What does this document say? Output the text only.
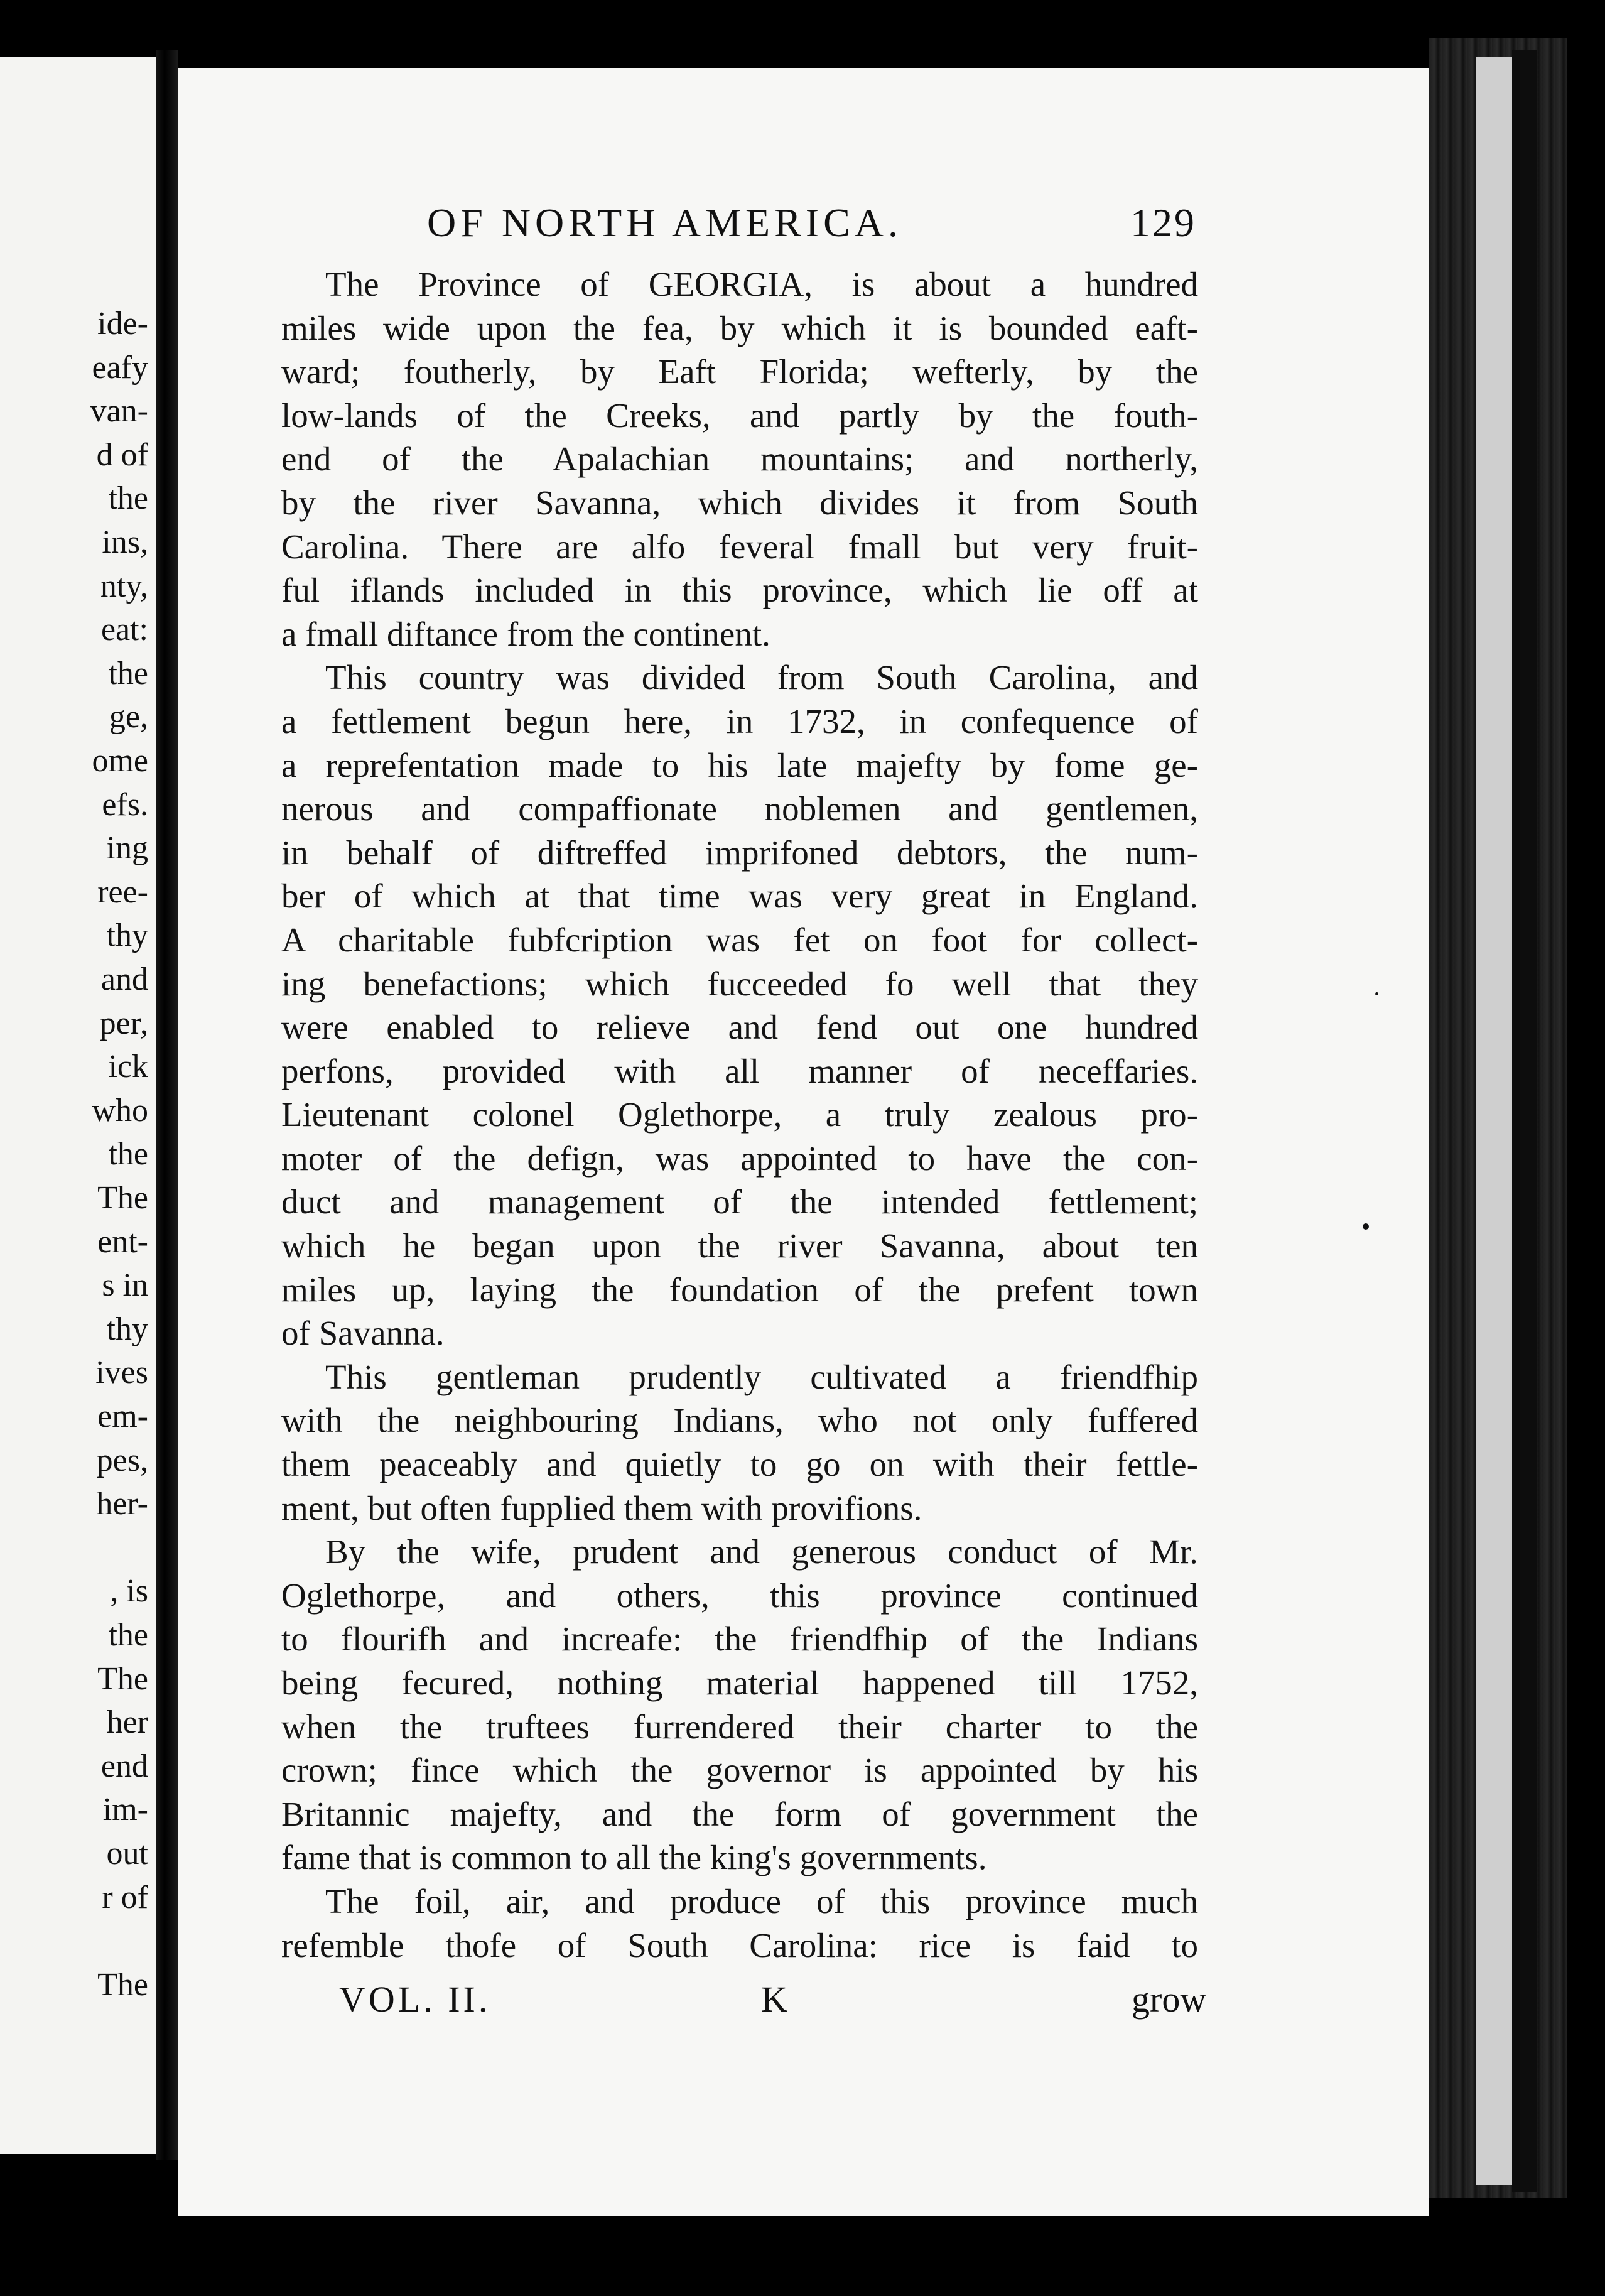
ide-
eafy
van-
d of
the
ins,
nty,
eat:
the
ge,
ome
efs.
ing
ree-
thy
and
per,
ick
who
the
The
ent-
s in
thy
ives
em-
pes,
her-
, is
the
The
her
end
im-
out
r of
The
OF NORTH AMERICA.	129
The Province of GEORGIA, is about a hundred
miles wide upon the fea, by which it is bounded eaft-
ward; foutherly, by Eaft Florida; wefterly, by the
low-lands of the Creeks, and partly by the fouth-
end of the Apalachian mountains; and northerly,
by the river Savanna, which divides it from South
Carolina. There are alfo feveral fmall but very fruit-
ful iflands included in this province, which lie off at
a fmall diftance from the continent.
This country was divided from South Carolina, and
a fettlement begun here, in 1732, in confequence of
a reprefentation made to his late majefty by fome ge-
nerous and compaffionate noblemen and gentlemen,
in behalf of diftreffed imprifoned debtors, the num-
ber of which at that time was very great in England.
A charitable fubfcription was fet on foot for collect-
ing benefactions; which fucceeded fo well that they
were enabled to relieve and fend out one hundred
perfons, provided with all manner of neceffaries.
Lieutenant colonel Oglethorpe, a truly zealous pro-
moter of the defign, was appointed to have the con-
duct and management of the intended fettlement;
which he began upon the river Savanna, about ten
miles up, laying the foundation of the prefent town
of Savanna.
This gentleman prudently cultivated a friendfhip
with the neighbouring Indians, who not only fuffered
them peaceably and quietly to go on with their fettle-
ment, but often fupplied them with provifions.
By the wife, prudent and generous conduct of Mr.
Oglethorpe, and others, this province continued
to flourifh and increafe: the friendfhip of the Indians
being fecured, nothing material happened till 1752,
when the truftees furrendered their charter to the
crown; fince which the governor is appointed by his
Britannic majefty, and the form of government the
fame that is common to all the king's governments.
The foil, air, and produce of this province much
refemble thofe of South Carolina: rice is faid to
VOL. II.	K	grow
